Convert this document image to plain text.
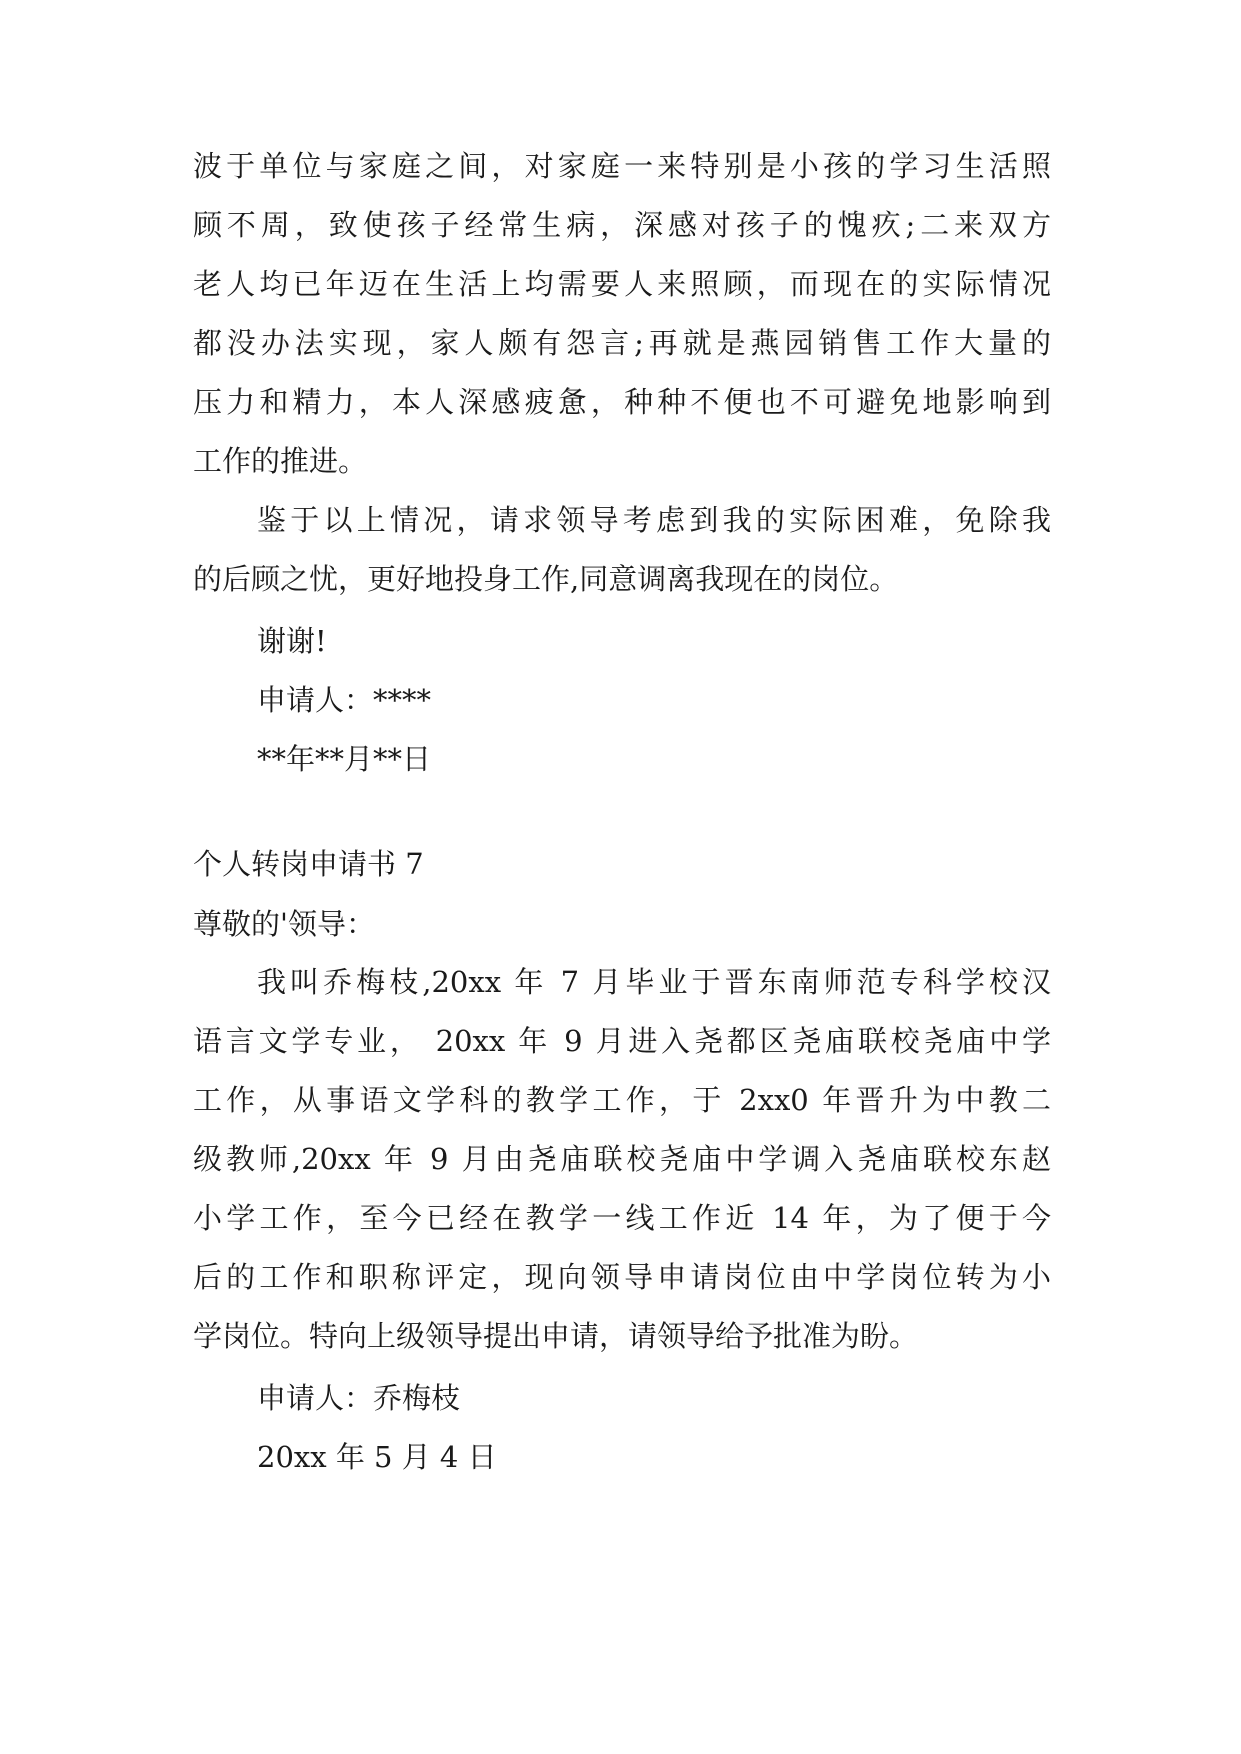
波于单位与家庭之间，对家庭一来特别是小孩的学习生活照
顾不周，致使孩子经常生病，深感对孩子的愧疚;二来双方
老人均已年迈在生活上均需要人来照顾，而现在的实际情况
都没办法实现，家人颇有怨言;再就是燕园销售工作大量的
压力和精力，本人深感疲惫，种种不便也不可避免地影响到
工作的推进。
鉴于以上情况，请求领导考虑到我的实际困难，免除我
的后顾之忧，更好地投身工作,同意调离我现在的岗位。
谢谢!
申请人：****
**年**月**日
个人转岗申请书 7
尊敬的'领导：
我叫乔梅枝,20xx 年 7 月毕业于晋东南师范专科学校汉
语言文学专业， 20xx 年 9 月进入尧都区尧庙联校尧庙中学
工作，从事语文学科的教学工作，于 2xx0 年晋升为中教二
级教师,20xx 年 9 月由尧庙联校尧庙中学调入尧庙联校东赵
小学工作，至今已经在教学一线工作近 14 年，为了便于今
后的工作和职称评定，现向领导申请岗位由中学岗位转为小
学岗位。特向上级领导提出申请，请领导给予批准为盼。
申请人：乔梅枝
20xx 年 5 月 4 日
